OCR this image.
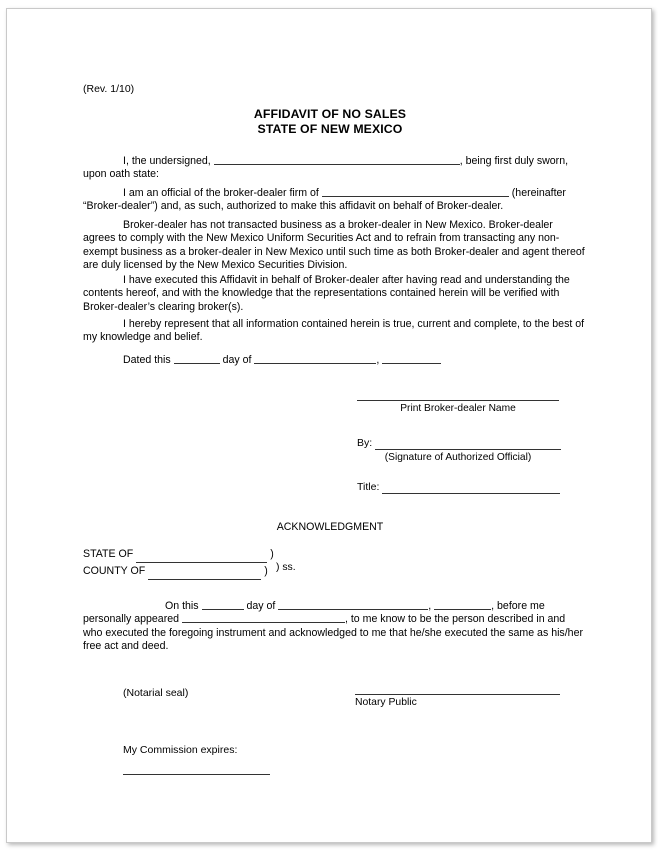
(Rev. 1/10)
AFFIDAVIT OF NO SALES
STATE OF NEW MEXICO
I, the undersigned,	, being first duly sworn, upon oath state:
I am an official of the broker-dealer firm of	(hereinafter “Broker-dealer”) and, as such, authorized to make this affidavit on behalf of Broker-dealer.
Broker-dealer has not transacted business as a broker-dealer in New Mexico. Broker-dealer agrees to comply with the New Mexico Uniform Securities Act and to refrain from transacting any non-exempt business as a broker-dealer in New Mexico until such time as both Broker-dealer and agent thereof are duly licensed by the New Mexico Securities Division.
I have executed this Affidavit in behalf of Broker-dealer after having read and understanding the contents hereof, and with the knowledge that the representations contained herein will be verified with Broker-dealer’s clearing broker(s).
I hereby represent that all information contained herein is true, current and complete, to the best of my knowledge and belief.
Dated this	day of	,
Print Broker-dealer Name
By:
(Signature of Authorized Official)
Title:
ACKNOWLEDGMENT
STATE OF	)
COUNTY OF	) ) ss.
On this	day of	,	, before me personally appeared	, to me know to be the person described in and who executed the foregoing instrument and acknowledged to me that he/she executed the same as his/her free act and deed.
(Notarial seal)
Notary Public
My Commission expires:
